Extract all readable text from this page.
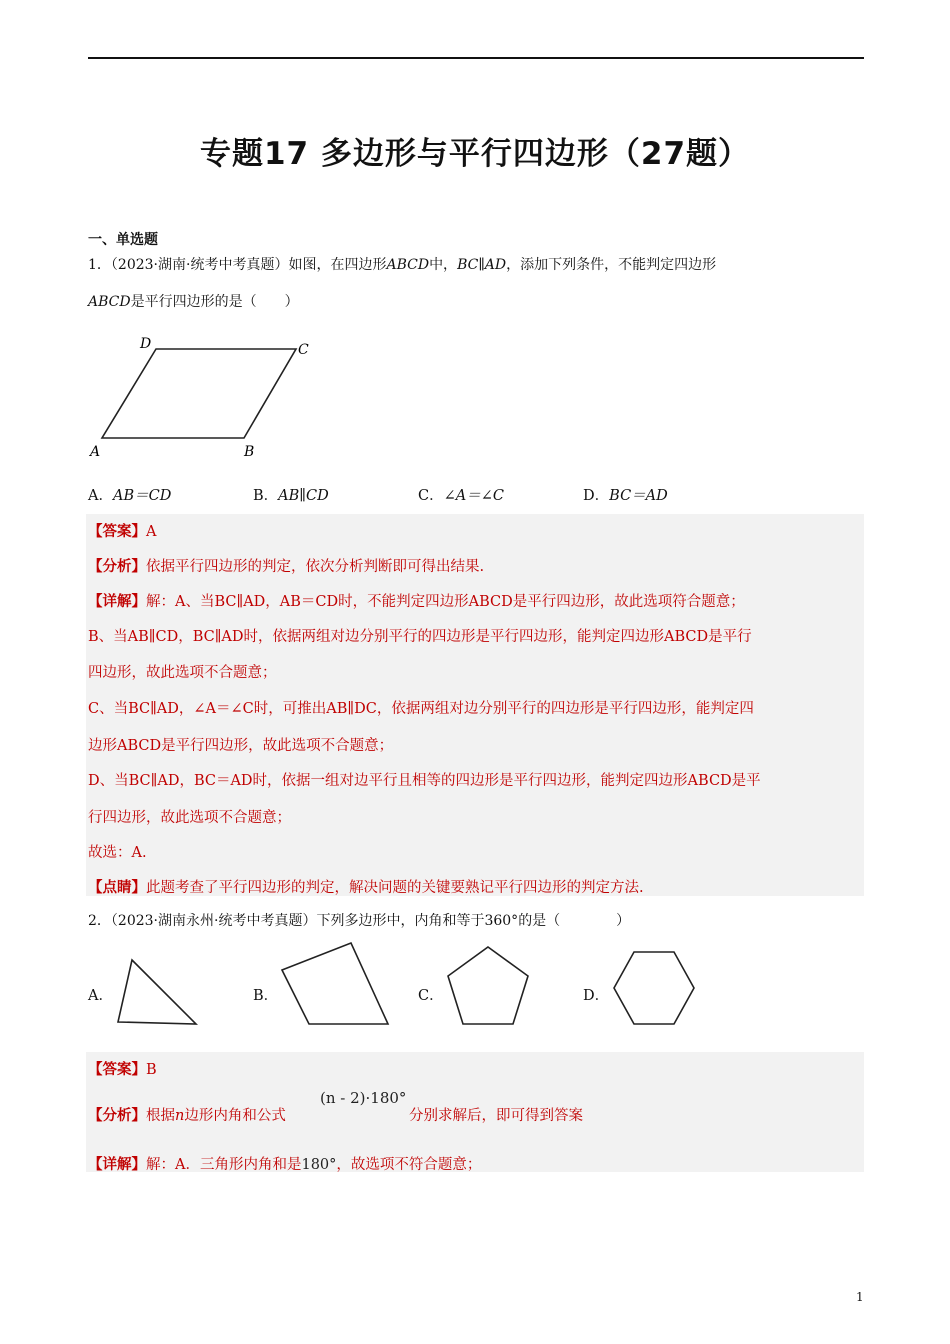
专题17 多边形与平行四边形（27题）
一、单选题
1．（2023·湖南·统考中考真题）如图，在四边形ABCD中，BC∥AD，添加下列条件，不能判定四边形
ABCD是平行四边形的是（　　）
D	C
A	B
A．AB＝CD	B．AB∥CD	C．∠A＝∠C	D．BC＝AD
【答案】A
【分析】依据平行四边形的判定，依次分析判断即可得出结果.
【详解】解：A、当BC∥AD，AB＝CD时，不能判定四边形ABCD是平行四边形，故此选项符合题意；
B、当AB∥CD，BC∥AD时，依据两组对边分别平行的四边形是平行四边形，能判定四边形ABCD是平行
四边形，故此选项不合题意；
C、当BC∥AD，∠A＝∠C时，可推出AB∥DC，依据两组对边分别平行的四边形是平行四边形，能判定四
边形ABCD是平行四边形，故此选项不合题意；
D、当BC∥AD，BC＝AD时，依据一组对边平行且相等的四边形是平行四边形，能判定四边形ABCD是平
行四边形，故此选项不合题意；
故选：A.
【点睛】此题考查了平行四边形的判定，解决问题的关键要熟记平行四边形的判定方法.
2．（2023·湖南永州·统考中考真题）下列多边形中，内角和等于360°的是（　　　　）
A．	B．	C．	D．
【答案】B
【分析】根据n边形内角和公式
(n - 2)·180°
分别求解后，即可得到答案
【详解】解：A．三角形内角和是180°，故选项不符合题意；
1
